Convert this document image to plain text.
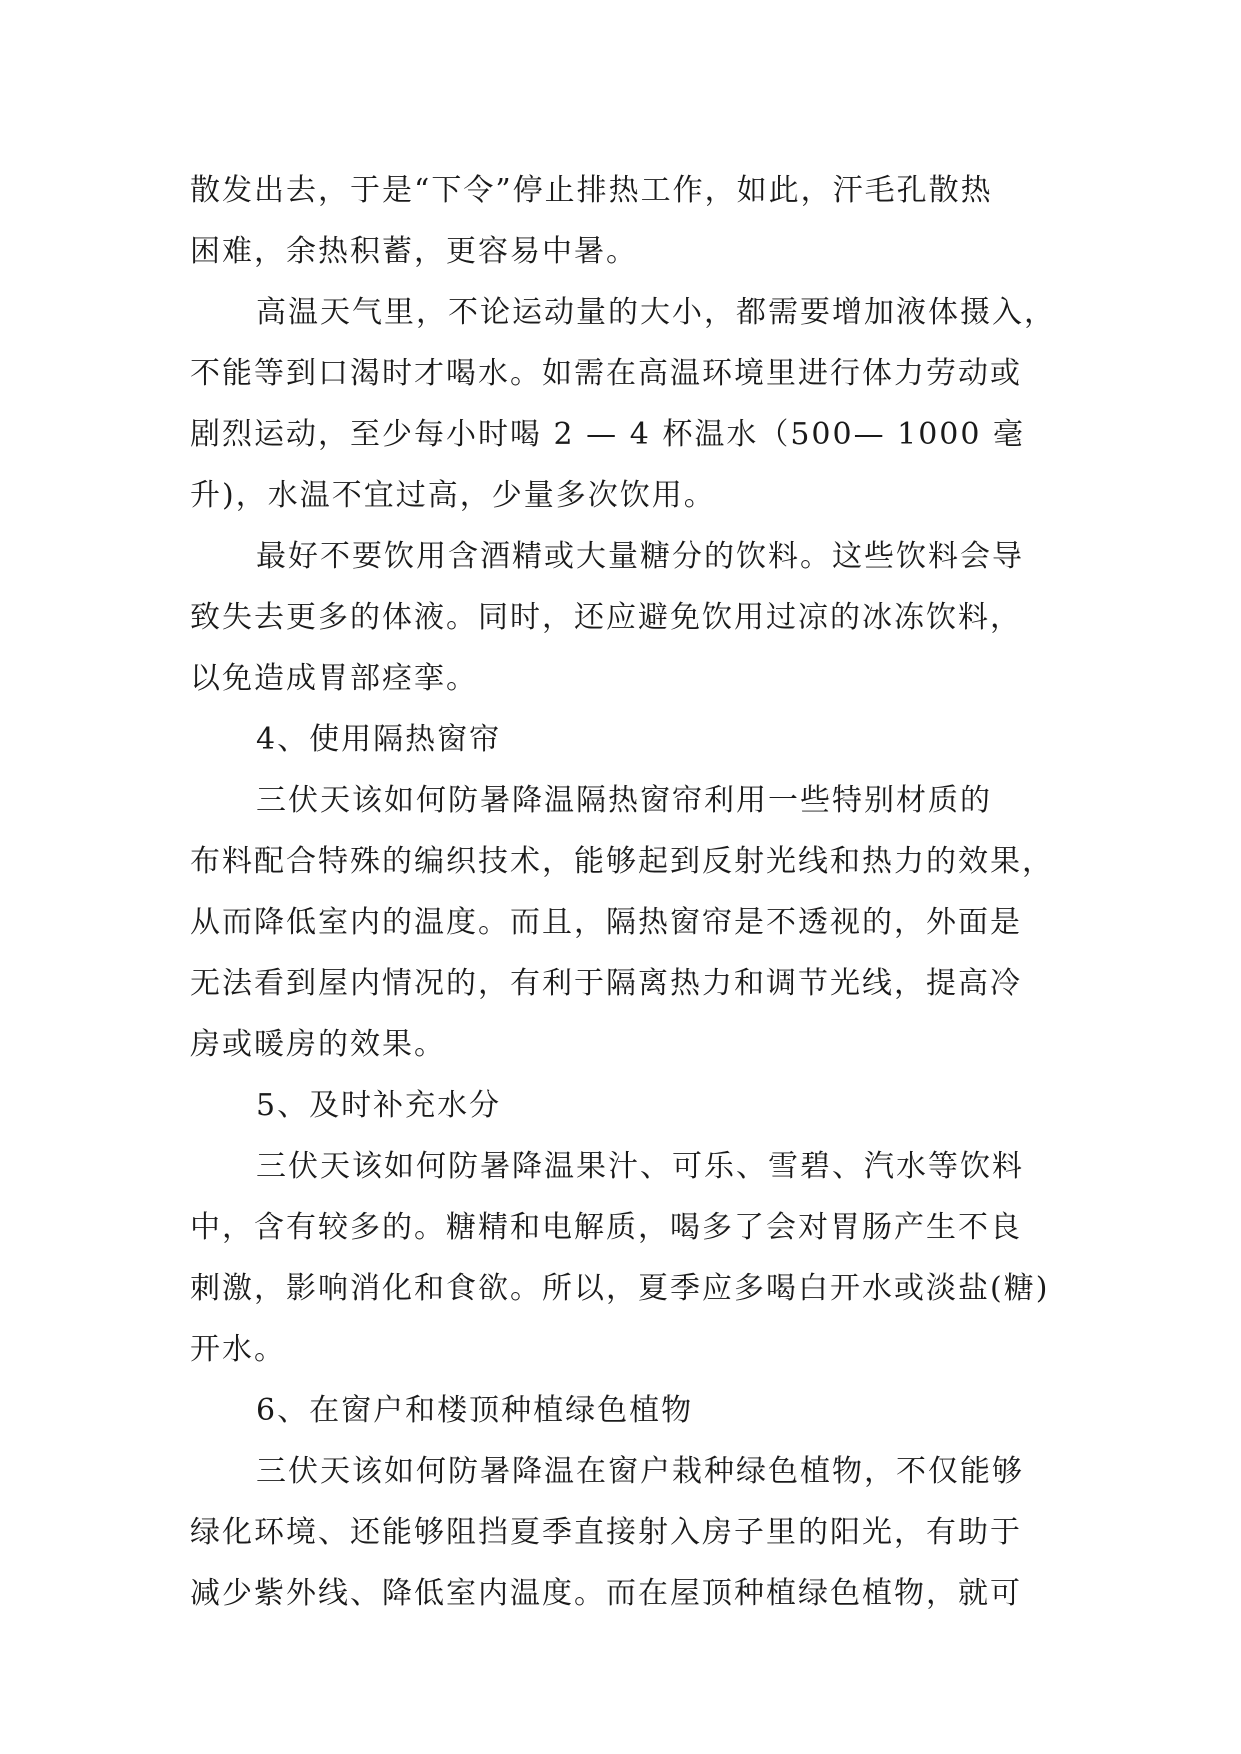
散发出去，于是“下令”停止排热工作，如此，汗毛孔散热
困难，余热积蓄，更容易中暑。
高温天气里，不论运动量的大小，都需要增加液体摄入，
不能等到口渴时才喝水。如需在高温环境里进行体力劳动或
剧烈运动，至少每小时喝 2 — 4 杯温水（500— 1000 毫
升)，水温不宜过高，少量多次饮用。
最好不要饮用含酒精或大量糖分的饮料。这些饮料会导
致失去更多的体液。同时，还应避免饮用过凉的冰冻饮料，
以免造成胃部痉挛。
4、使用隔热窗帘
三伏天该如何防暑降温隔热窗帘利用一些特别材质的
布料配合特殊的编织技术，能够起到反射光线和热力的效果，
从而降低室内的温度。而且，隔热窗帘是不透视的，外面是
无法看到屋内情况的，有利于隔离热力和调节光线，提高冷
房或暖房的效果。
5、及时补充水分
三伏天该如何防暑降温果汁、可乐、雪碧、汽水等饮料
中，含有较多的。糖精和电解质，喝多了会对胃肠产生不良
刺激，影响消化和食欲。所以，夏季应多喝白开水或淡盐(糖)
开水。
6、在窗户和楼顶种植绿色植物
三伏天该如何防暑降温在窗户栽种绿色植物，不仅能够
绿化环境、还能够阻挡夏季直接射入房子里的阳光，有助于
减少紫外线、降低室内温度。而在屋顶种植绿色植物，就可
